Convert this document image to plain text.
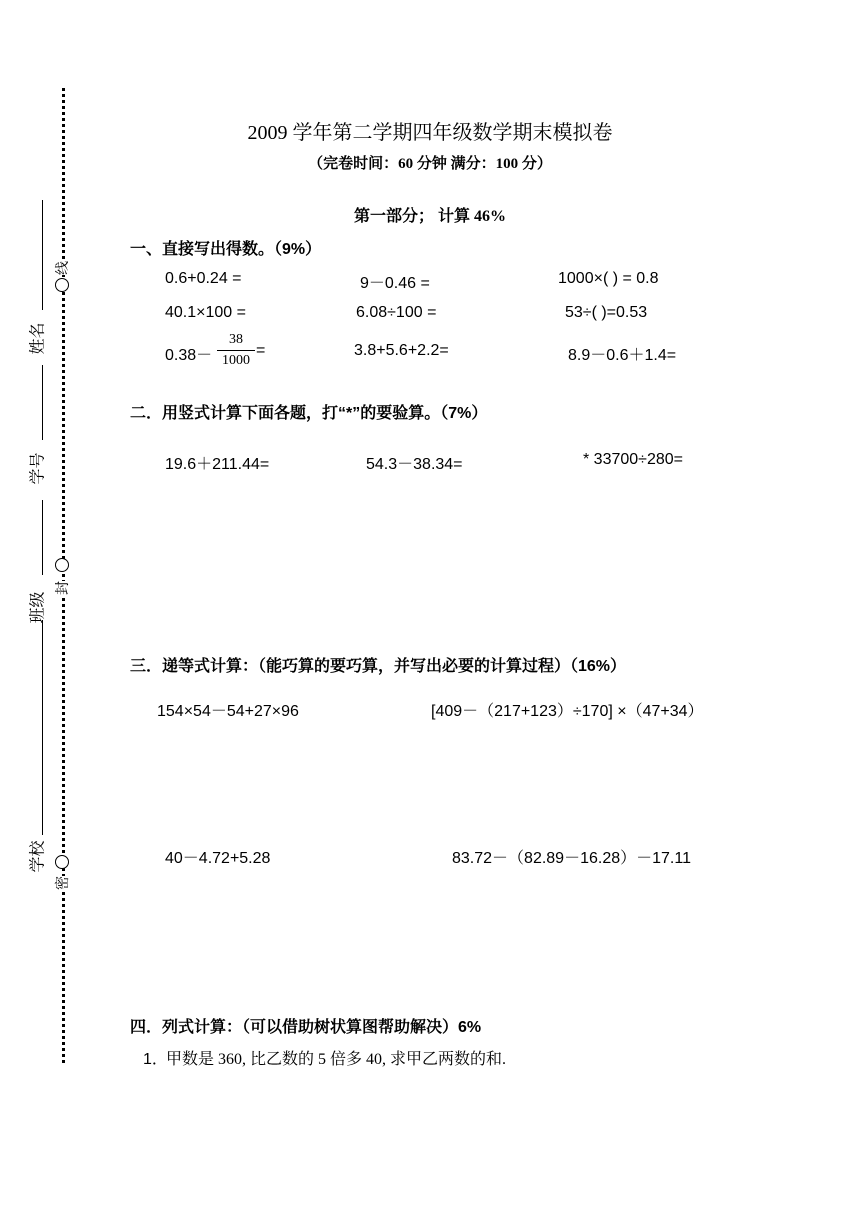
姓名
学号
班级
学校
线
封
密
2009 学年第二学期四年级数学期末模拟卷
（完卷时间：60 分钟 满分：100 分）
第一部分； 计算 46%
一、直接写出得数。（9%）
0.6+0.24 =	9－0.46 =	1000×( ) = 0.8
40.1×100 =	6.08÷100 =	53÷( )=0.53
0.38－
38
1000
=	3.8+5.6+2.2=	8.9－0.6＋1.4=
二．用竖式计算下面各题，打“*”的要验算。（7%）
19.6＋211.44=	54.3－38.34=	* 33700÷280=
三．递等式计算：（能巧算的要巧算，并写出必要的计算过程）（16%）
154×54－54+27×96	[409－（217+123）÷170] ×（47+34）
40－4.72+5.28	83.72－（82.89－16.28）－17.11
四．列式计算：（可以借助树状算图帮助解决）6%
1．
甲数是 360, 比乙数的 5 倍多 40, 求甲乙两数的和.
